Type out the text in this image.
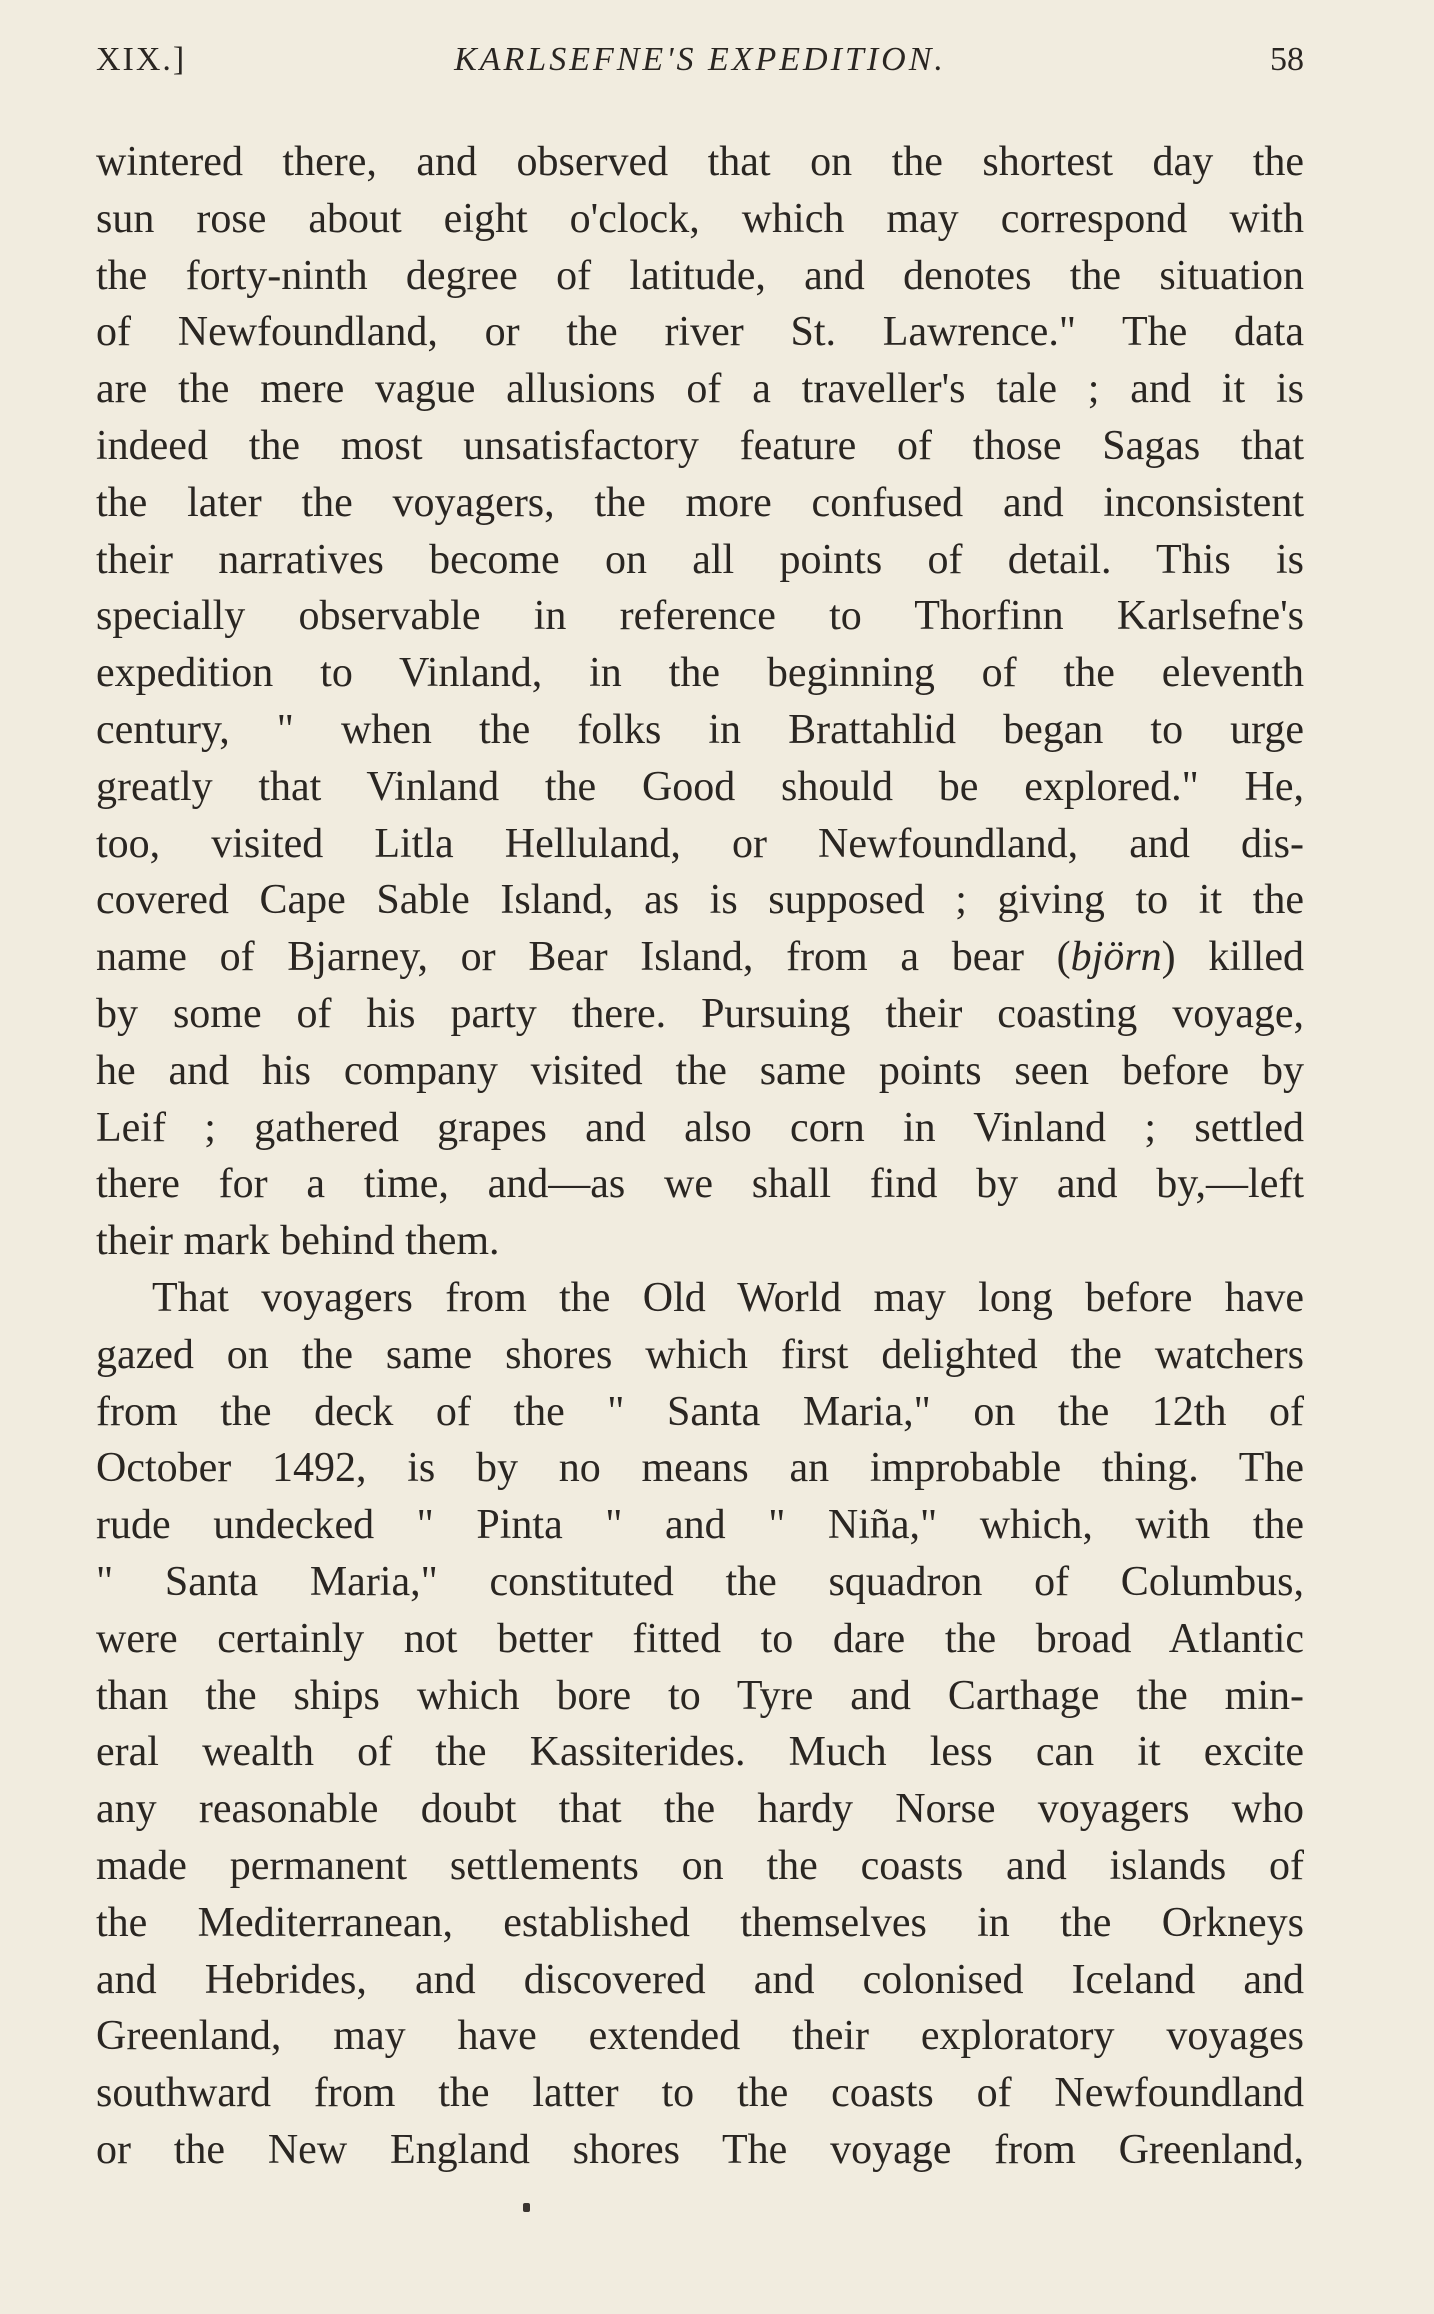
XIX.]	KARLSEFNE'S EXPEDITION.	58
wintered there, and observed that on the shortest day the
sun rose about eight o'clock, which may correspond with
the forty-ninth degree of latitude, and denotes the situation
of Newfoundland, or the river St. Lawrence." The data
are the mere vague allusions of a traveller's tale ; and it is
indeed the most unsatisfactory feature of those Sagas that
the later the voyagers, the more confused and inconsistent
their narratives become on all points of detail. This is
specially observable in reference to Thorfinn Karlsefne's
expedition to Vinland, in the beginning of the eleventh
century, " when the folks in Brattahlid began to urge
greatly that Vinland the Good should be explored." He,
too, visited Litla Helluland, or Newfoundland, and dis-
covered Cape Sable Island, as is supposed ; giving to it the
name of Bjarney, or Bear Island, from a bear (björn) killed
by some of his party there. Pursuing their coasting voyage,
he and his company visited the same points seen before by
Leif ; gathered grapes and also corn in Vinland ; settled
there for a time, and—as we shall find by and by,—left
their mark behind them.
That voyagers from the Old World may long before have
gazed on the same shores which first delighted the watchers
from the deck of the " Santa Maria," on the 12th of
October 1492, is by no means an improbable thing. The
rude undecked " Pinta " and " Niña," which, with the
" Santa Maria," constituted the squadron of Columbus,
were certainly not better fitted to dare the broad Atlantic
than the ships which bore to Tyre and Carthage the min-
eral wealth of the Kassiterides. Much less can it excite
any reasonable doubt that the hardy Norse voyagers who
made permanent settlements on the coasts and islands of
the Mediterranean, established themselves in the Orkneys
and Hebrides, and discovered and colonised Iceland and
Greenland, may have extended their exploratory voyages
southward from the latter to the coasts of Newfoundland
or the New England shores The voyage from Greenland,
